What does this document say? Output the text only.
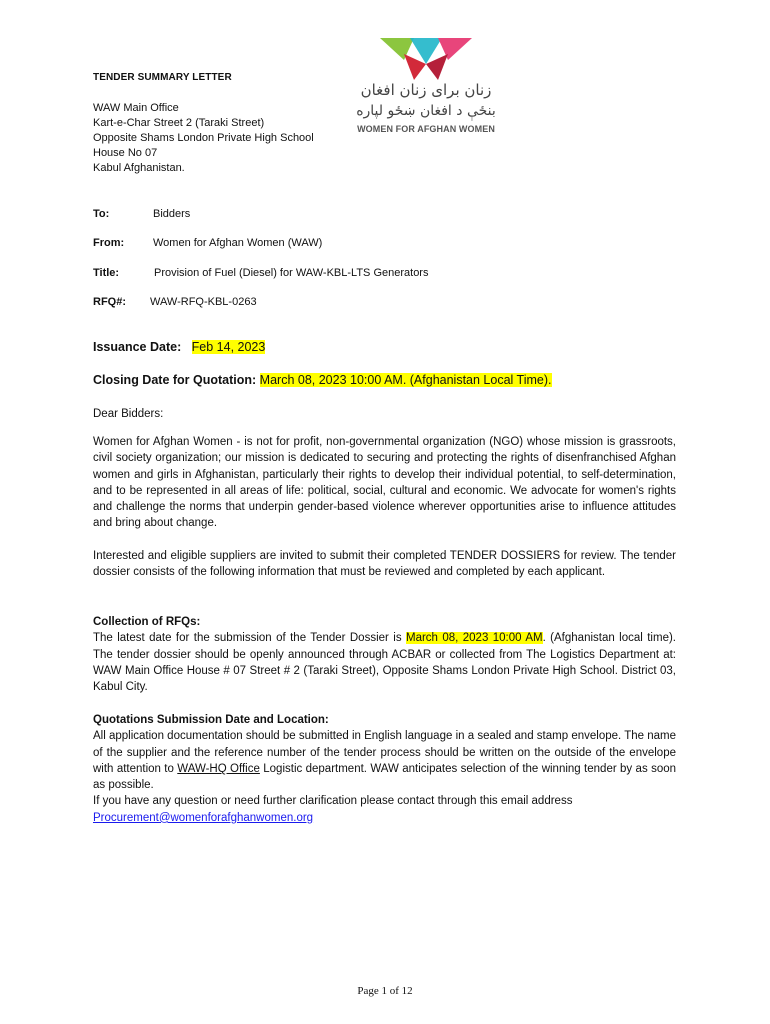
زنان برای زنان افغان
بنځې د افغان ښځو لپاره
WOMEN FOR AFGHAN WOMEN
TENDER SUMMARY LETTER
WAW Main Office
Kart-e-Char Street 2 (Taraki Street)
Opposite Shams London Private High School
House No 07
Kabul Afghanistan.
To:	Bidders
From:	Women for Afghan Women (WAW)
Title:	Provision of Fuel (Diesel) for WAW-KBL-LTS Generators
RFQ#: WAW-RFQ-KBL-0263
Issuance Date: Feb 14, 2023
Closing Date for Quotation: March 08, 2023 10:00 AM. (Afghanistan Local Time).
Dear Bidders:
Women for Afghan Women - is not for profit, non-governmental organization (NGO) whose mission is grassroots, civil society organization; our mission is dedicated to securing and protecting the rights of disenfranchised Afghan women and girls in Afghanistan, particularly their rights to develop their individual potential, to self-determination, and to be represented in all areas of life: political, social, cultural and economic. We advocate for women's rights and challenge the norms that underpin gender-based violence wherever opportunities arise to influence attitudes and bring about change.
Interested and eligible suppliers are invited to submit their completed TENDER DOSSIERS for review. The tender dossier consists of the following information that must be reviewed and completed by each applicant.
Collection of RFQs:
The latest date for the submission of the Tender Dossier is March 08, 2023 10:00 AM. (Afghanistan local time). The tender dossier should be openly announced through ACBAR or collected from The Logistics Department at: WAW Main Office House # 07 Street # 2 (Taraki Street), Opposite Shams London Private High School. District 03, Kabul City.
Quotations Submission Date and Location:
All application documentation should be submitted in English language in a sealed and stamp envelope. The name of the supplier and the reference number of the tender process should be written on the outside of the envelope with attention to WAW-HQ Office Logistic department. WAW anticipates selection of the winning tender by as soon as possible.
If you have any question or need further clarification please contact through this email address
Procurement@womenforafghanwomen.org
Page 1 of 12
